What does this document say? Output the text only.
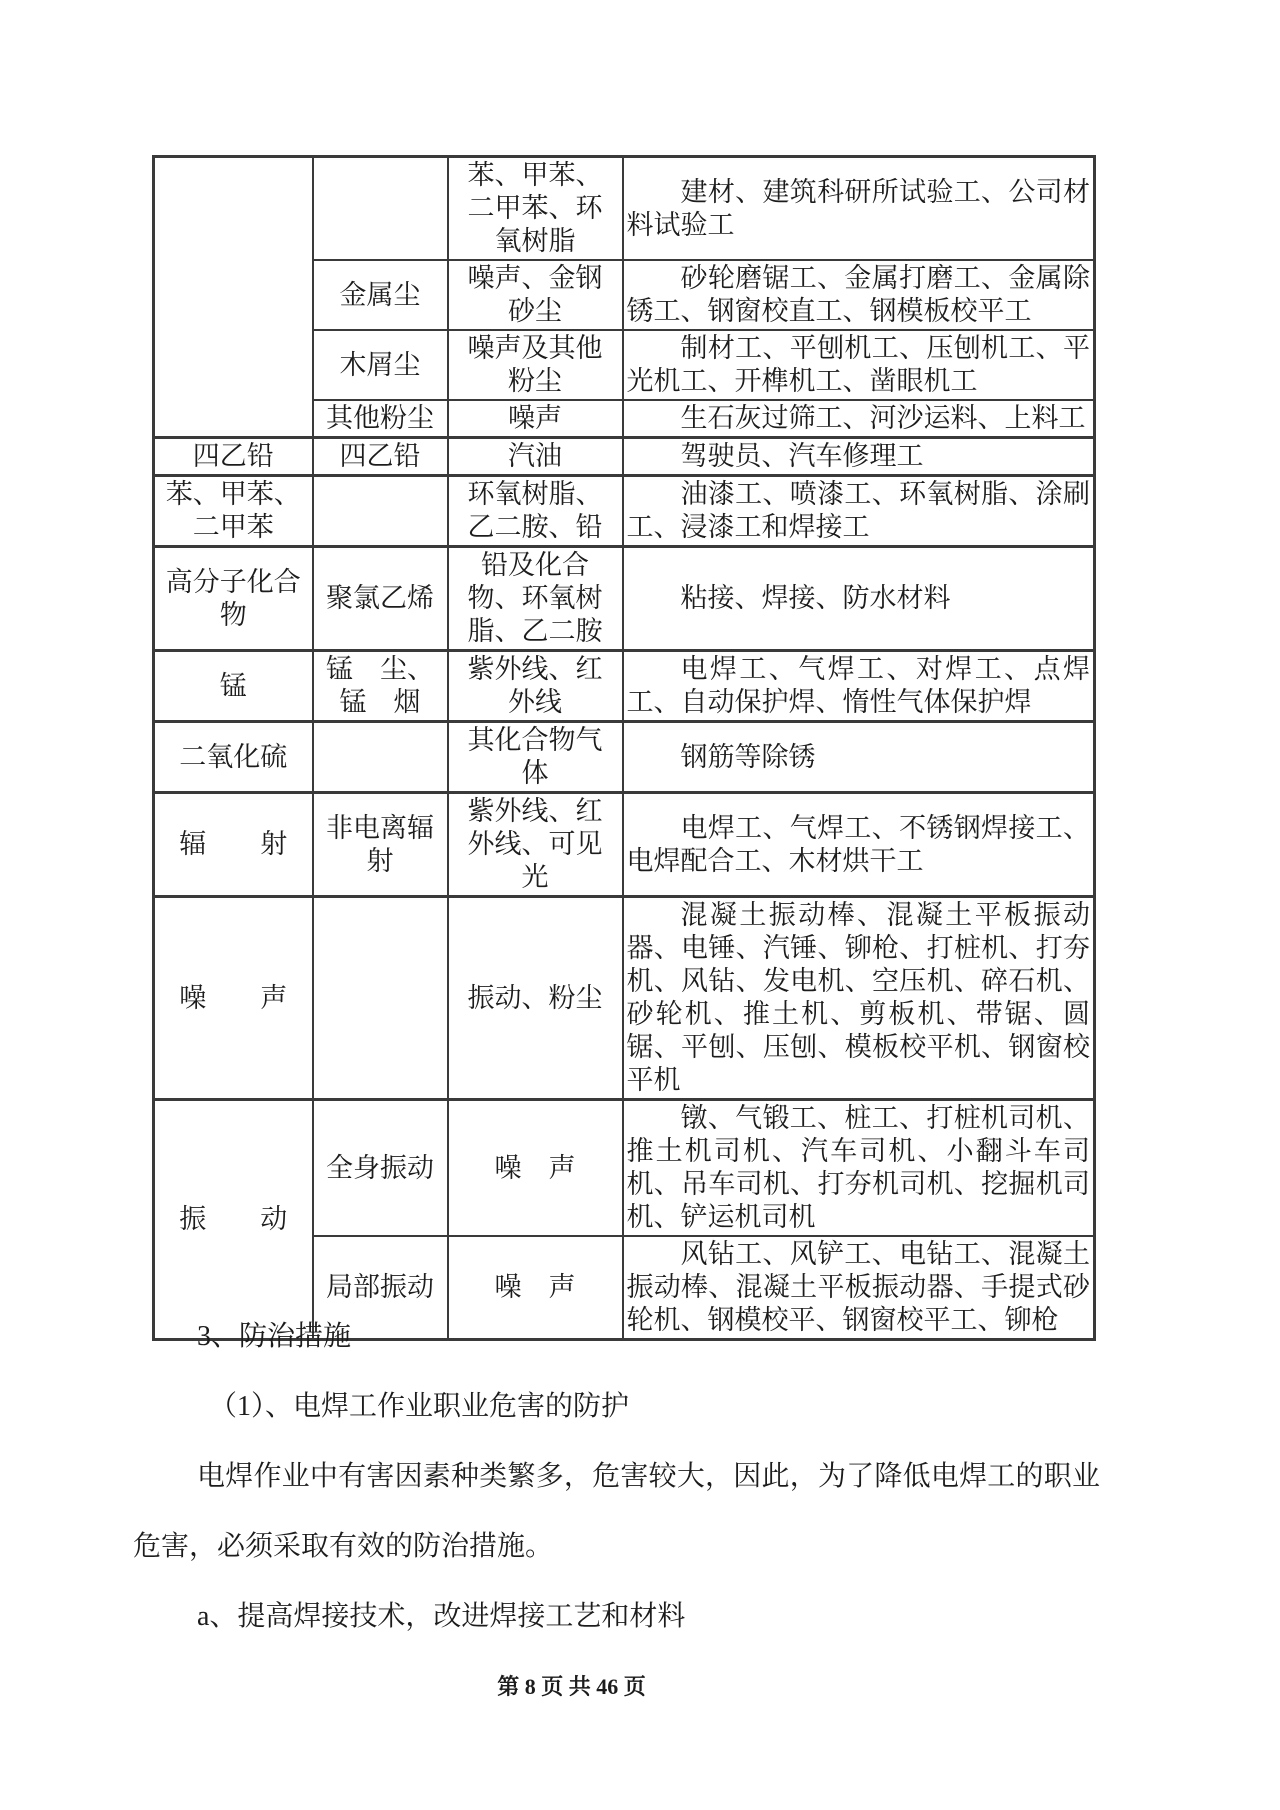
		苯、甲苯、二甲苯、环氧树脂	建材、建筑科研所试验工、公司材料试验工
	金属尘	噪声、金钢砂尘	砂轮磨锯工、金属打磨工、金属除锈工、钢窗校直工、钢模板校平工
	木屑尘	噪声及其他粉尘	制材工、平刨机工、压刨机工、平光机工、开榫机工、凿眼机工
	其他粉尘	噪声	生石灰过筛工、河沙运料、上料工
四乙铅	四乙铅	汽油	驾驶员、汽车修理工
苯、甲苯、二甲苯		环氧树脂、乙二胺、铅	油漆工、喷漆工、环氧树脂、涂刷工、浸漆工和焊接工
高分子化合物	聚氯乙烯	铅及化合物、环氧树脂、乙二胺	粘接、焊接、防水材料
锰	锰　尘、锰　烟	紫外线、红外线	电焊工、气焊工、对焊工、点焊工、自动保护焊、惰性气体保护焊
二氧化硫		其化合物气体	钢筋等除锈
辐　　射	非电离辐射	紫外线、红外线、可见光	电焊工、气焊工、不锈钢焊接工、电焊配合工、木材烘干工
噪　　声		振动、粉尘	混凝土振动棒、混凝土平板振动器、电锤、汽锤、铆枪、打桩机、打夯机、风钻、发电机、空压机、碎石机、砂轮机、推土机、剪板机、带锯、圆锯、平刨、压刨、模板校平机、钢窗校平机
振　　动	全身振动	噪　声	镦、气锻工、桩工、打桩机司机、推土机司机、汽车司机、小翻斗车司机、吊车司机、打夯机司机、挖掘机司机、铲运机司机
	局部振动	噪　声	风钻工、风铲工、电钻工、混凝土振动棒、混凝土平板振动器、手提式砂轮机、钢模校平、钢窗校平工、铆枪
3、防治措施
（1）、电焊工作业职业危害的防护

电焊作业中有害因素种类繁多，危害较大，因此，为了降低电焊工的职业危害，必须采取有效的防治措施。

a、提高焊接技术，改进焊接工艺和材料
第 8 页 共 46 页
